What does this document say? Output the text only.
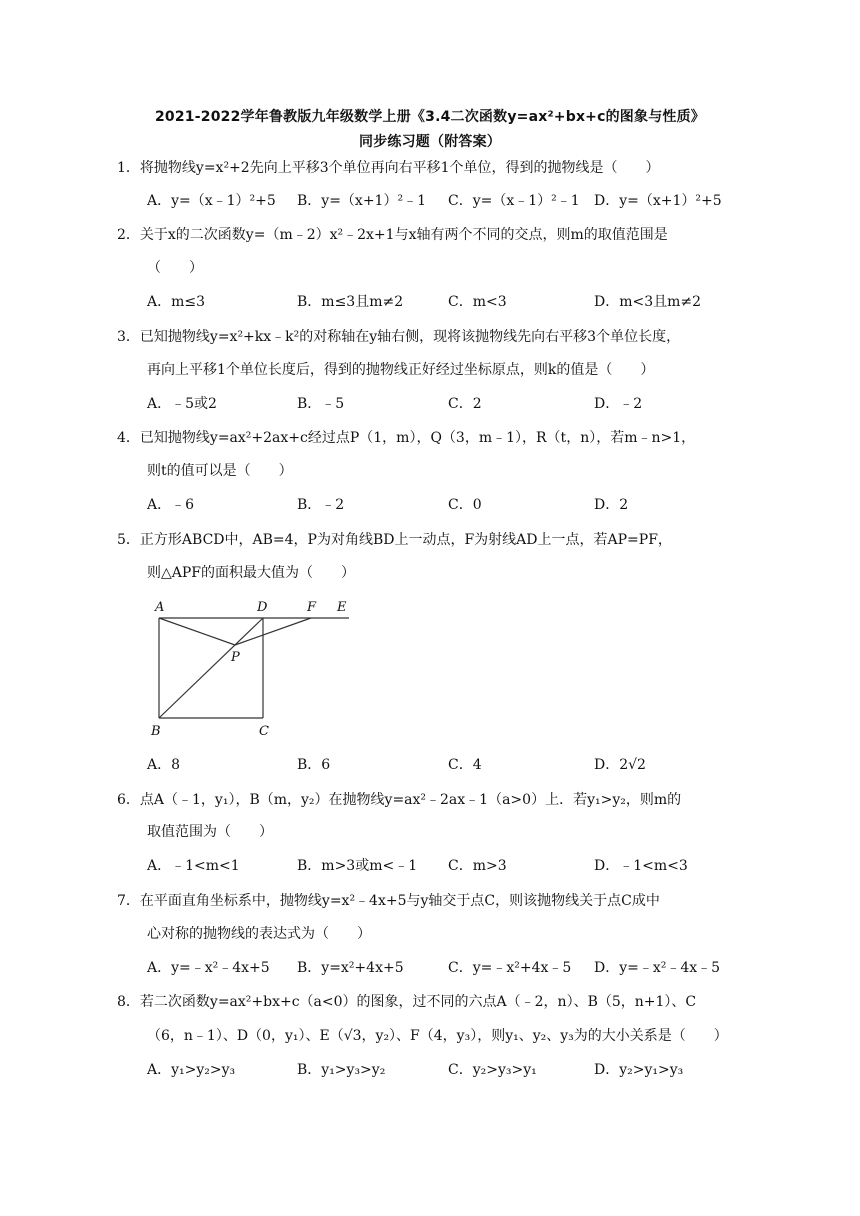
2021-2022学年鲁教版九年级数学上册《3.4二次函数y=ax²+bx+c的图象与性质》
同步练习题（附答案）
1．将抛物线y=x²+2先向上平移3个单位再向右平移1个单位，得到的抛物线是（　　）
A．y=（x﹣1）²+5 B．y=（x+1）²﹣1 C．y=（x﹣1）²﹣1 D．y=（x+1）²+5
2．关于x的二次函数y=（m﹣2）x²﹣2x+1与x轴有两个不同的交点，则m的取值范围是
（　　）
A．m≤3	B．m≤3且m≠2	C．m<3	D．m<3且m≠2
3．已知抛物线y=x²+kx﹣k²的对称轴在y轴右侧，现将该抛物线先向右平移3个单位长度，
再向上平移1个单位长度后，得到的抛物线正好经过坐标原点，则k的值是（　　）
A．﹣5或2	B．﹣5	C．2	D．﹣2
4．已知抛物线y=ax²+2ax+c经过点P（1，m），Q（3，m﹣1），R（t，n），若m﹣n>1，
则t的值可以是（　　）
A．﹣6	B．﹣2	C．0	D．2
5．正方形ABCD中，AB=4，P为对角线BD上一动点，F为射线AD上一点，若AP=PF，
则△APF的面积最大值为（　　）
A	D	F E
P
B	C
A．8	B．6	C．4	D．2√2
6．点A（﹣1，y₁），B（m，y₂）在抛物线y=ax²﹣2ax﹣1（a>0）上．若y₁>y₂，则m的
取值范围为（　　）
A．﹣1<m<1	B．m>3或m<﹣1 C．m>3	D．﹣1<m<3
7．在平面直角坐标系中，抛物线y=x²﹣4x+5与y轴交于点C，则该抛物线关于点C成中
心对称的抛物线的表达式为（　　）
A．y=﹣x²﹣4x+5 B．y=x²+4x+5	C．y=﹣x²+4x﹣5 D．y=﹣x²﹣4x﹣5
8．若二次函数y=ax²+bx+c（a<0）的图象，过不同的六点A（﹣2，n）、B（5，n+1）、C
（6，n﹣1）、D（0，y₁）、E（√3，y₂）、F（4，y₃），则y₁、y₂、y₃为的大小关系是（　　）
A．y₁>y₂>y₃	B．y₁>y₃>y₂	C．y₂>y₃>y₁	D．y₂>y₁>y₃
